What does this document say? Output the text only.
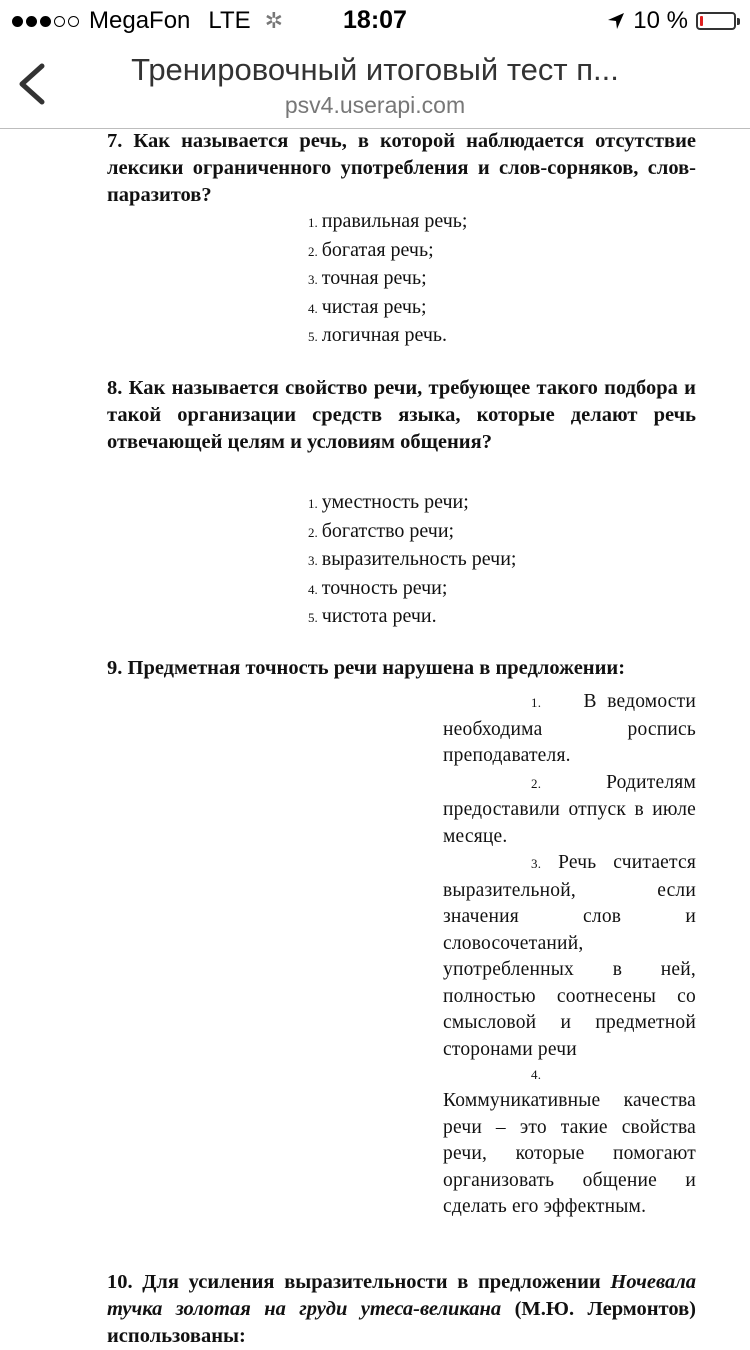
MegaFon LTE ✲	18:07	10 %
Тренировочный итоговый тест п...
psv4.userapi.com
7. Как называется речь, в которой наблюдается отсутствие лексики ограниченного употребления и слов-сорняков, слов-паразитов?
1. правильная речь;
2. богатая речь;
3. точная речь;
4. чистая речь;
5. логичная речь.
8. Как называется свойство речи, требующее такого подбора и такой организации средств языка, которые делают речь отвечающей целям и условиям общения?
1. уместность речи;
2. богатство речи;
3. выразительность речи;
4. точность речи;
5. чистота речи.
9. Предметная точность речи нарушена в предложении:
1. В ведомости необходима роспись преподавателя.
2.	Родителям предоставили отпуск в июле месяце.
3. Речь считается выразительной, если значения слов и словосочетаний, употребленных в ней, полностью соотнесены со смысловой и предметной сторонами речи
4.
Коммуникативные качества речи – это такие свойства речи, которые помогают организовать общение и сделать его эффектным.
10. Для усиления выразительности в предложении Ночевала тучка золотая на груди утеса-великана (М.Ю. Лермонтов) использованы:
